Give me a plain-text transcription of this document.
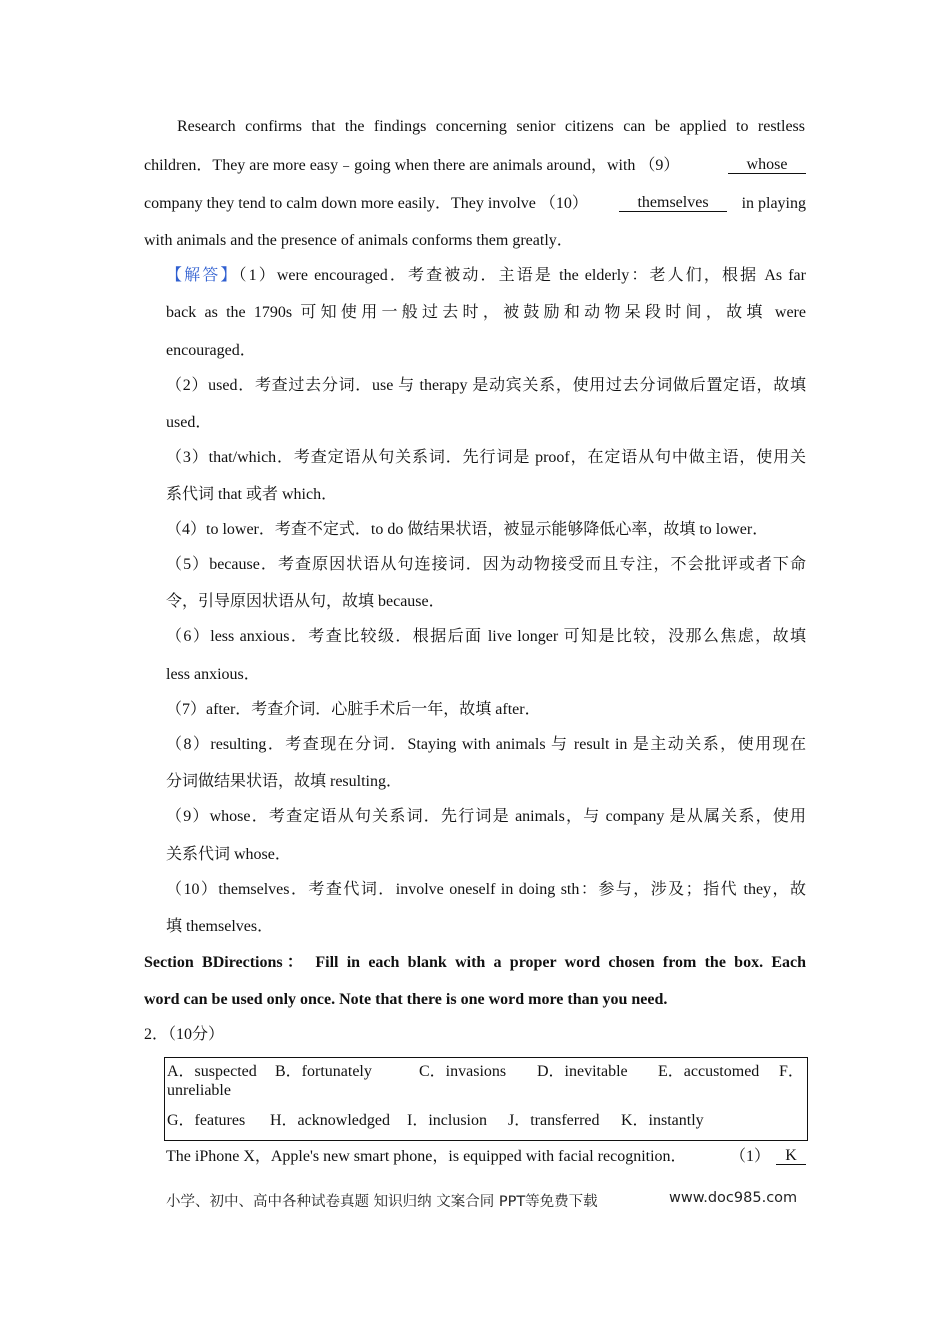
Research confirms that the findings concerning senior citizens can be applied to restless
children．They are more easy﹣going when there are animals around，with （9）	whose
company they tend to calm down more easily．They involve （10）	themselves	in playing
with animals and the presence of animals conforms them greatly．
【解答】（1）were encouraged．考查被动．主语是 the elderly：老人们，根据 As far
back as the 1790s 可知使用一般过去时，被鼓励和动物呆段时间，故填 were
encouraged．
（2）used．考查过去分词．use 与 therapy 是动宾关系，使用过去分词做后置定语，故填
used．
（3）that/which．考查定语从句关系词．先行词是 proof，在定语从句中做主语，使用关
系代词 that 或者 which．
（4）to lower．考查不定式．to do 做结果状语，被显示能够降低心率，故填 to lower．
（5）because．考查原因状语从句连接词．因为动物接受而且专注，不会批评或者下命
令，引导原因状语从句，故填 because．
（6）less anxious．考查比较级．根据后面 live longer 可知是比较，没那么焦虑，故填
less anxious．
（7）after．考查介词．心脏手术后一年，故填 after．
（8）resulting．考查现在分词．Staying with animals 与 result in 是主动关系，使用现在
分词做结果状语，故填 resulting．
（9）whose．考查定语从句关系词．先行词是 animals，与 company 是从属关系，使用
关系代词 whose．
（10）themselves．考查代词．involve oneself in doing sth：参与，涉及；指代 they，故
填 themselves．
Section BDirections： Fill in each blank with a proper word chosen from the box. Each
word can be used only once. Note that there is one word more than you need.
2．（10分）
A．suspected B．fortunately	C．invasions D．inevitable E．accustomed F．
unreliable
G．features H．acknowledged I．inclusion J．transferred K．instantly
The iPhone X，Apple's new smart phone，is equipped with facial recognition．	（1） K
小学、初中、高中各种试卷真题 知识归纳 文案合同 PPT等免费下载	www.doc985.com
